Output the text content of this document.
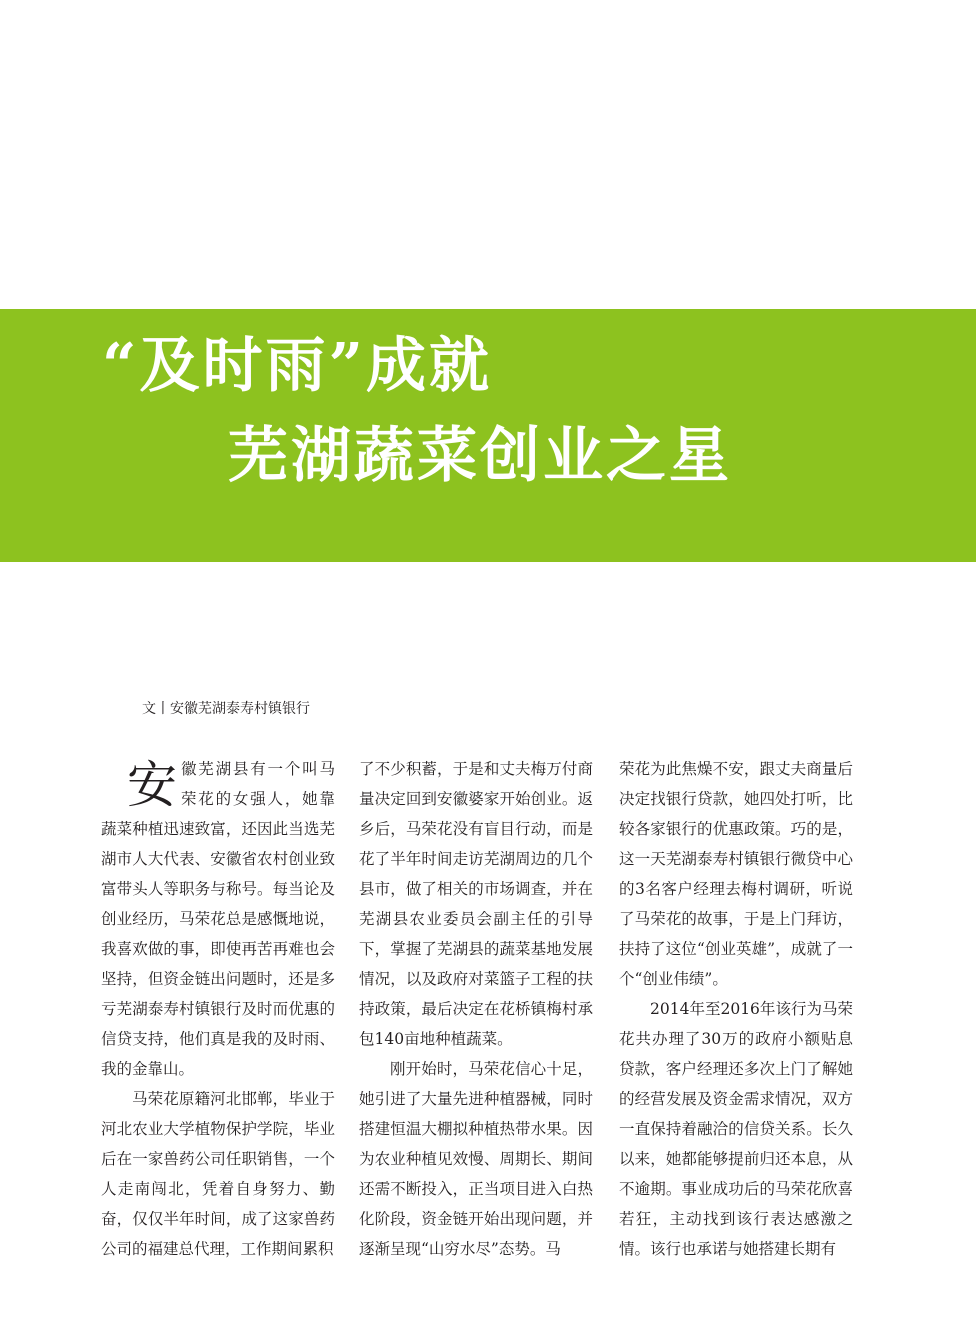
“及时雨”成就
芜湖蔬菜创业之星
文丨安徽芜湖泰寿村镇银行

安徽芜湖县有一个叫马荣花的女强人，她靠蔬菜种植迅速致富，还因此当选芜湖市人大代表、安徽省农村创业致富带头人等职务与称号。每当论及创业经历，马荣花总是感慨地说，我喜欢做的事，即使再苦再难也会坚持，但资金链出问题时，还是多亏芜湖泰寿村镇银行及时而优惠的信贷支持，他们真是我的及时雨、我的金靠山。

马荣花原籍河北邯郸，毕业于河北农业大学植物保护学院，毕业后在一家兽药公司任职销售，一个人走南闯北，凭着自身努力、勤奋，仅仅半年时间，成了这家兽药公司的福建总代理，工作期间累积

了不少积蓄，于是和丈夫梅万付商量决定回到安徽婆家开始创业。返乡后，马荣花没有盲目行动，而是花了半年时间走访芜湖周边的几个县市，做了相关的市场调查，并在芜湖县农业委员会副主任的引导下，掌握了芜湖县的蔬菜基地发展情况，以及政府对菜篮子工程的扶持政策，最后决定在花桥镇梅村承包140亩地种植蔬菜。

刚开始时，马荣花信心十足，她引进了大量先进种植器械，同时搭建恒温大棚拟种植热带水果。因为农业种植见效慢、周期长、期间还需不断投入，正当项目进入白热化阶段，资金链开始出现问题，并逐渐呈现“山穷水尽”态势。马

荣花为此焦燥不安，跟丈夫商量后决定找银行贷款，她四处打听，比较各家银行的优惠政策。巧的是，这一天芜湖泰寿村镇银行微贷中心的3名客户经理去梅村调研，听说了马荣花的故事，于是上门拜访，扶持了这位“创业英雄”，成就了一个“创业伟绩”。

2014年至2016年该行为马荣花共办理了30万的政府小额贴息贷款，客户经理还多次上门了解她的经营发展及资金需求情况，双方一直保持着融洽的信贷关系。长久以来，她都能够提前归还本息，从不逾期。事业成功后的马荣花欣喜若狂，主动找到该行表达感激之情。该行也承诺与她搭建长期有
